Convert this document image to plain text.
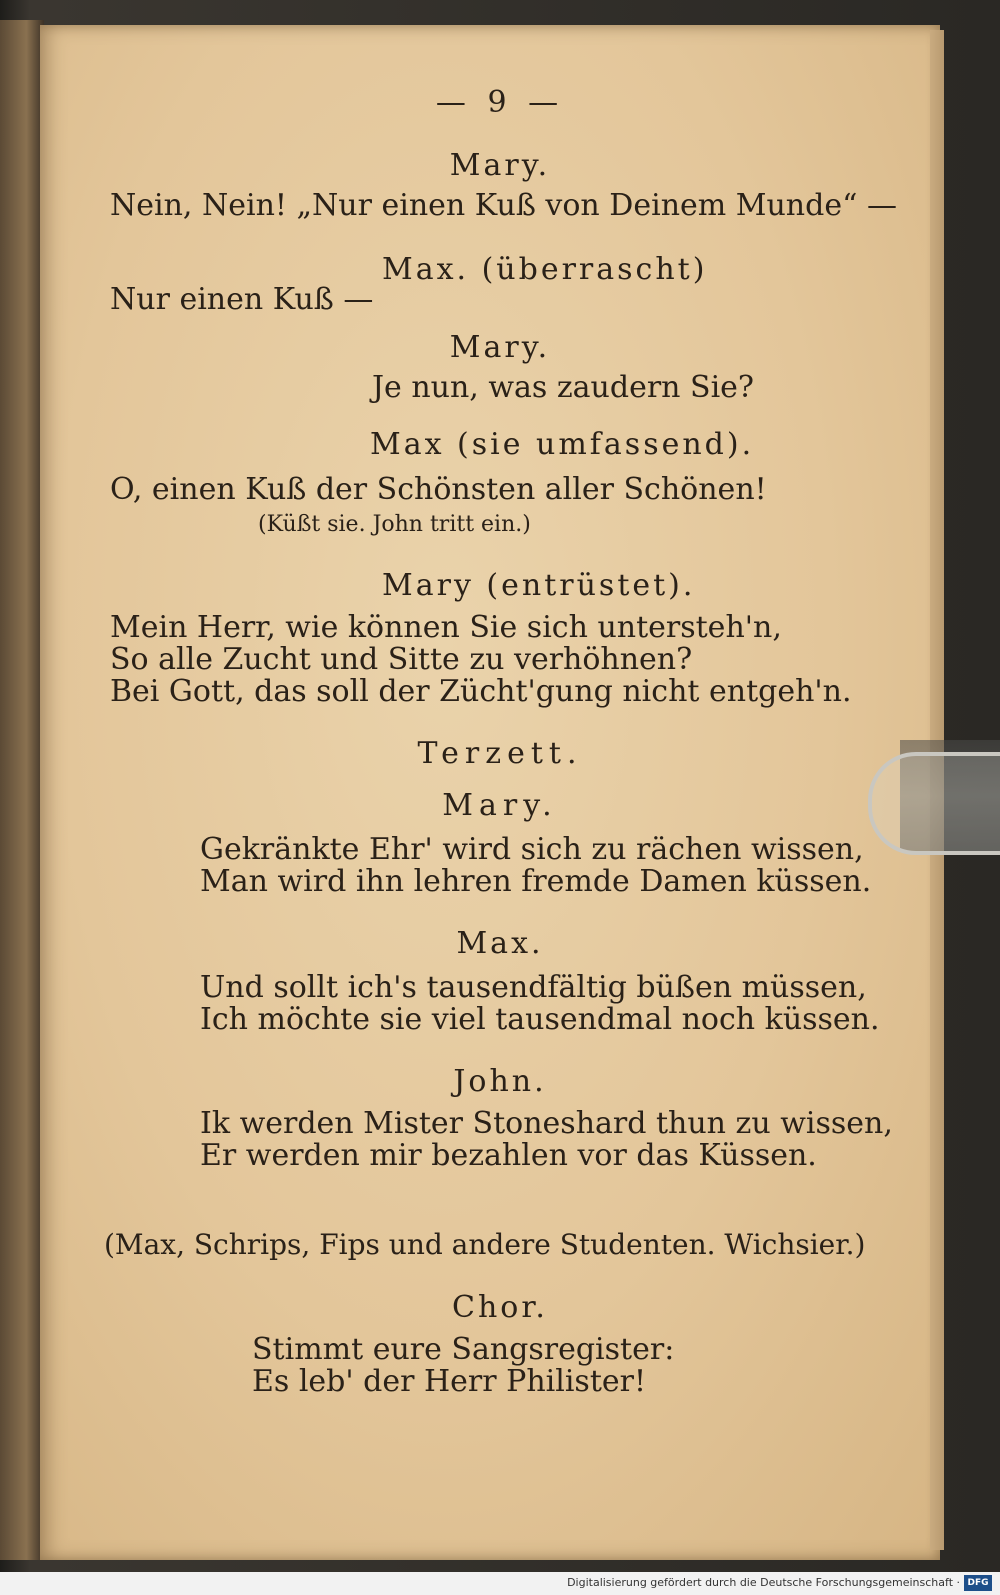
— 9 —

Mary.

Nein, Nein! „Nur einen Kuß von Deinem Munde“ —

Max. (überrascht)

Nur einen Kuß —

Mary.

Je nun, was zaudern Sie?

Max (sie umfassend).

O, einen Kuß der Schönsten aller Schönen!

(Küßt sie. John tritt ein.)

Mary (entrüstet).

Mein Herr, wie können Sie sich untersteh'n,

So alle Zucht und Sitte zu verhöhnen?

Bei Gott, das soll der Zücht'gung nicht entgeh'n.

Terzett.

Mary.

Gekränkte Ehr' wird sich zu rächen wissen,

Man wird ihn lehren fremde Damen küssen.

Max.

Und sollt ich's tausendfältig büßen müssen,

Ich möchte sie viel tausendmal noch küssen.

John.

Ik werden Mister Stoneshard thun zu wissen,

Er werden mir bezahlen vor das Küssen.

(Max, Schrips, Fips und andere Studenten. Wichsier.)

Chor.

Stimmt eure Sangsregister:

Es leb' der Herr Philister!

Digitalisierung gefördert durch die Deutsche Forschungsgemeinschaft · DFG
